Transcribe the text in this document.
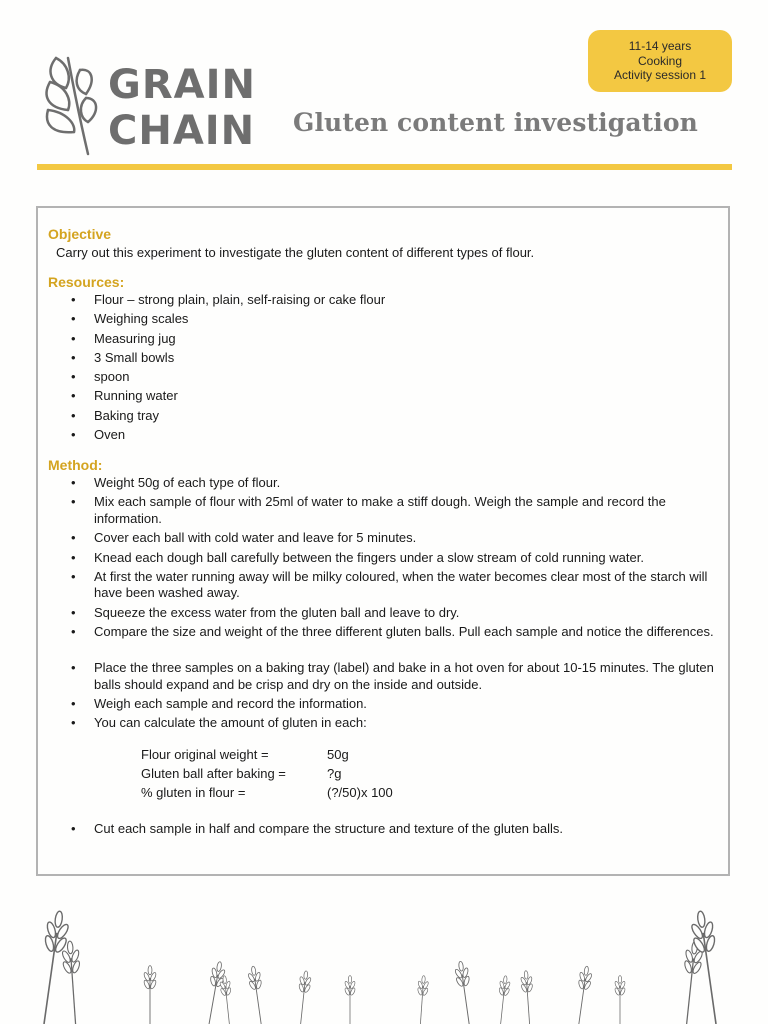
11-14 years
Cooking
Activity session 1
GRAIN
CHAIN Gluten content investigation
Objective
Carry out this experiment to investigate the gluten content of different types of flour.
Resources:
• Flour – strong plain, plain, self-raising or cake flour
• Weighing scales
• Measuring jug
• 3 Small bowls
• spoon
• Running water
• Baking tray
• Oven
Method:
• Weight 50g of each type of flour.
• Mix each sample of flour with 25ml of water to make a stiff dough. Weigh the sample and record the information.
• Cover each ball with cold water and leave for 5 minutes.
• Knead each dough ball carefully between the fingers under a slow stream of cold running water.
• At first the water running away will be milky coloured, when the water becomes clear most of the starch will have been washed away.
• Squeeze the excess water from the gluten ball and leave to dry.
• Compare the size and weight of the three different gluten balls. Pull each sample and notice the differences.
• Place the three samples on a baking tray (label) and bake in a hot oven for about 10-15 minutes. The gluten balls should expand and be crisp and dry on the inside and outside.
• Weigh each sample and record the information.
• You can calculate the amount of gluten in each:
Flour original weight =	50g
Gluten ball after baking =	?g
% gluten in flour =	(?/50)x 100
• Cut each sample in half and compare the structure and texture of the gluten balls.
